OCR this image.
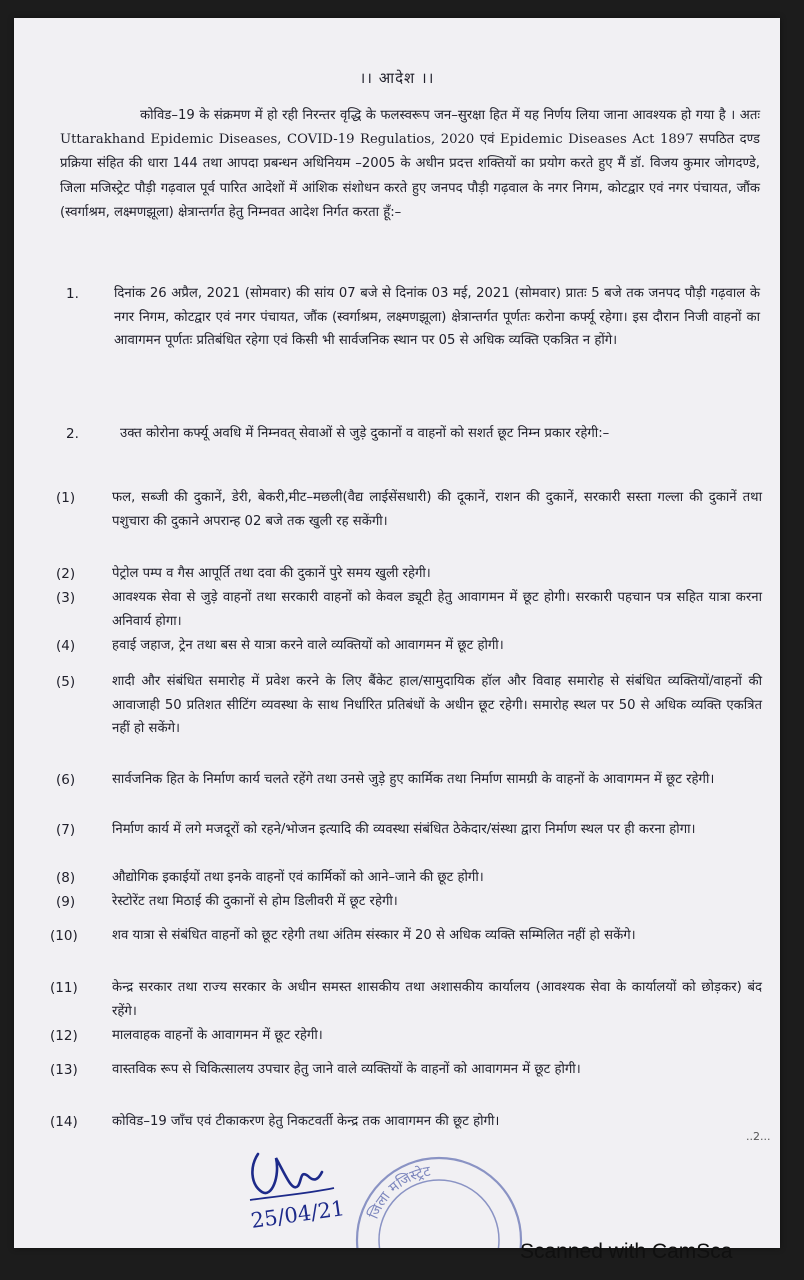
।। आदेश ।।
कोविड–19 के संक्रमण में हो रही निरन्तर वृद्धि के फलस्वरूप जन–सुरक्षा हित में यह निर्णय लिया जाना आवश्यक हो गया है । अतः Uttarakhand Epidemic Diseases, COVID-19 Regulatios, 2020 एवं Epidemic Diseases Act 1897 सपठित दण्ड प्रक्रिया संहित की धारा 144 तथा आपदा प्रबन्धन अधिनियम –2005 के अधीन प्रदत्त शक्तियों का प्रयोग करते हुए मैं डॉ. विजय कुमार जोगदण्डे, जिला मजिस्ट्रेट पौड़ी गढ़वाल पूर्व पारित आदेशों में आंशिक संशोधन करते हुए जनपद पौड़ी गढ़वाल के नगर निगम, कोटद्वार एवं नगर पंचायत, जौंक (स्वर्गाश्रम, लक्ष्मणझूला) क्षेत्रान्तर्गत हेतु निम्नवत आदेश निर्गत करता हूँ:–
1.	दिनांक 26 अप्रैल, 2021 (सोमवार) की सांय 07 बजे से दिनांक 03 मई, 2021 (सोमवार) प्रातः 5 बजे तक जनपद पौड़ी गढ़वाल के नगर निगम, कोटद्वार एवं नगर पंचायत, जौंक (स्वर्गाश्रम, लक्ष्मणझूला) क्षेत्रान्तर्गत पूर्णतः करोना कर्फ्यू रहेगा। इस दौरान निजी वाहनों का आवागमन पूर्णतः प्रतिबंधित रहेगा एवं किसी भी सार्वजनिक स्थान पर 05 से अधिक व्यक्ति एकत्रित न होंगे।
2.	उक्त कोरोना कर्फ्यू अवधि में निम्नवत् सेवाओं से जुड़े दुकानों व वाहनों को सशर्त छूट निम्न प्रकार रहेगी:–
(1)	फल, सब्जी की दुकानें, डेरी, बेकरी,मीट–मछली(वैद्य लाईसेंसधारी) की दूकानें, राशन की दुकानें, सरकारी सस्ता गल्ला की दुकानें तथा पशुचारा की दुकाने अपरान्ह 02 बजे तक खुली रह सकेंगी।
(2)	पेट्रोल पम्प व गैस आपूर्ति तथा दवा की दुकानें पुरे समय खुली रहेगी।
(3)	आवश्यक सेवा से जुड़े वाहनों तथा सरकारी वाहनों को केवल ड्यूटी हेतु आवागमन में छूट होगी। सरकारी पहचान पत्र सहित यात्रा करना अनिवार्य होगा।
(4)	हवाई जहाज, ट्रेन तथा बस से यात्रा करने वाले व्यक्तियों को आवागमन में छूट होगी।
(5)	शादी और संबंधित समारोह में प्रवेश करने के लिए बैंकेट हाल/सामुदायिक हॉल और विवाह समारोह से संबंधित व्यक्तियों/वाहनों की आवाजाही 50 प्रतिशत सीटिंग व्यवस्था के साथ निर्धारित प्रतिबंधों के अधीन छूट रहेगी। समारोह स्थल पर 50 से अधिक व्यक्ति एकत्रित नहीं हो सकेंगे।
(6)	सार्वजनिक हित के निर्माण कार्य चलते रहेंगे तथा उनसे जुड़े हुए कार्मिक तथा निर्माण सामग्री के वाहनों के आवागमन में छूट रहेगी।
(7)	निर्माण कार्य में लगे मजदूरों को रहने/भोजन इत्यादि की व्यवस्था संबंधित ठेकेदार/संस्था द्वारा निर्माण स्थल पर ही करना होगा।
(8)	औद्योगिक इकाईयों तथा इनके वाहनों एवं कार्मिकों को आने–जाने की छूट होगी।
(9)	रेस्टोरेंट तथा मिठाई की दुकानों से होम डिलीवरी में छूट रहेगी।
(10)	शव यात्रा से संबंधित वाहनों को छूट रहेगी तथा अंतिम संस्कार में 20 से अधिक व्यक्ति सम्मिलित नहीं हो सकेंगे।
(11)	केन्द्र सरकार तथा राज्य सरकार के अधीन समस्त शासकीय तथा अशासकीय कार्यालय (आवश्यक सेवा के कार्यालयों को छोड़कर) बंद रहेंगे।
(12)	मालवाहक वाहनों के आवागमन में छूट रहेगी।
(13)	वास्तविक रूप से चिकित्सालय उपचार हेतु जाने वाले व्यक्तियों के वाहनों को आवागमन में छूट होगी।
(14)	कोविड–19 जाँच एवं टीकाकरण हेतु निकटवर्ती केन्द्र तक आवागमन की छूट होगी।
..2...
25/04/21 जिला मजिस्ट्रेट
Scanned with CamSca
